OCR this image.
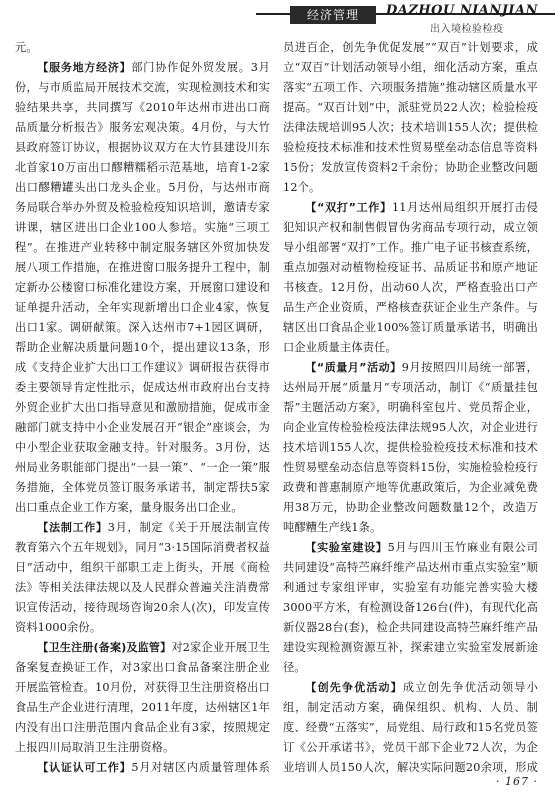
经济管理	DAZHOU NIANJIAN
出入境检验检疫

元。

【服务地方经济】部门协作促外贸发展。3月份，与市质监局开展技术交流，实现检测技术和实验结果共享，共同撰写《2010年达州市进出口商品质量分析报告》服务宏观决策。4月份，与大竹县政府签订协议，根据协议双方在大竹县建设川东北首家10万亩出口醪糟糯稻示范基地，培育1-2家出口醪糟罐头出口龙头企业。5月份，与达州市商务局联合举办外贸及检验检疫知识培训，邀请专家讲课，辖区进出口企业100人参培。实施“三项工程”。在推进产业转移中制定服务辖区外贸加快发展八项工作措施，在推进窗口服务提升工程中，制定新办公楼窗口标准化建设方案，开展窗口建设和证单提升活动，全年实现新增出口企业4家，恢复出口1家。调研献策。深入达州市7+1园区调研，帮助企业解决质量问题10个，提出建议13条，形成《支持企业扩大出口工作建议》调研报告获得市委主要领导肯定性批示，促成达州市政府出台支持外贸企业扩大出口指导意见和激励措施，促成市金融部门就支持中小企业发展召开“银企”座谈会，为中小型企业获取金融支持。针对服务。3月份，达州局业务职能部门提出“一县一策”、“一企一策”服务措施，全体党员签订服务承诺书，制定帮扶5家出口重点企业工作方案，量身服务出口企业。

【法制工作】3月，制定《关于开展法制宣传教育第六个五年规划》，同月“3·15国际消费者权益日”活动中，组织干部职工走上街头，开展《商检法》等相关法律法规以及人民群众普遍关注消费常识宣传活动，接待现场咨询20余人(次)，印发宣传资料1000余份。

【卫生注册(备案)及监管】对2家企业开展卫生备案复查换证工作，对3家出口食品备案注册企业开展监管检查。10月份，对获得卫生注册资格出口食品生产企业进行清理，2011年度，达州辖区1年内没有出口注册范围内食品企业有3家，按照规定上报四川局取消卫生注册资格。

【认证认可工作】5月对辖区内质量管理体系

员进百企，创先争优促发展”“双百”计划要求，成立“双百”计划活动领导小组，细化活动方案，重点落实“五项工作、六项服务措施”推动辖区质量水平提高。“双百计划”中，派驻党员22人次；检验检疫法律法规培训95人次；技术培训155人次；提供检验检疫技术标准和技术性贸易壁垒动态信息等资料15份；发放宣传资料2千余份；协助企业整改问题12个。

【“双打”工作】11月达州局组织开展打击侵犯知识产权和制售假冒伪劣商品专项行动，成立领导小组部署“双打”工作。推广电子证书核查系统，重点加强对动植物检疫证书、品质证书和原产地证书核查。12月份，出动60人次，严格查验出口产品生产企业资质，严格核查获证企业生产条件。与辖区出口食品企业100%签订质量承诺书，明确出口企业质量主体责任。

【“质量月”活动】9月按照四川局统一部署，达州局开展“质量月”专项活动，制订《“质量挂包帮”主题活动方案》，明确科室包片、党员帮企业，向企业宣传检验检疫法律法规95人次，对企业进行技术培训155人次，提供检验检疫技术标准和技术性贸易壁垒动态信息等资料15份，实施检验检疫行政费和普惠制原产地等优惠政策后，为企业减免费用38万元，协助企业整改问题数量12个，改造万吨醪糟生产线1条。

【实验室建设】5月与四川玉竹麻业有限公司共同建设“高特苎麻纤维产品达州市重点实验室”顺利通过专家组评审，实验室有功能完善实验大楼3000平方米，有检测设备126台(件)，有现代化高新仪器28台(套)，检企共同建设高特苎麻纤维产品建设实现检测资源互补，探索建立实验室发展新途径。

【创先争优活动】成立创先争优活动领导小组，制定活动方案，确保组织、机构、人员、制度、经费“五落实”，局党组、局行政和15名党员签订《公开承诺书》，党员干部下企业72人次，为企业培训人员150人次，解决实际问题20余项，形成

· 167 ·
